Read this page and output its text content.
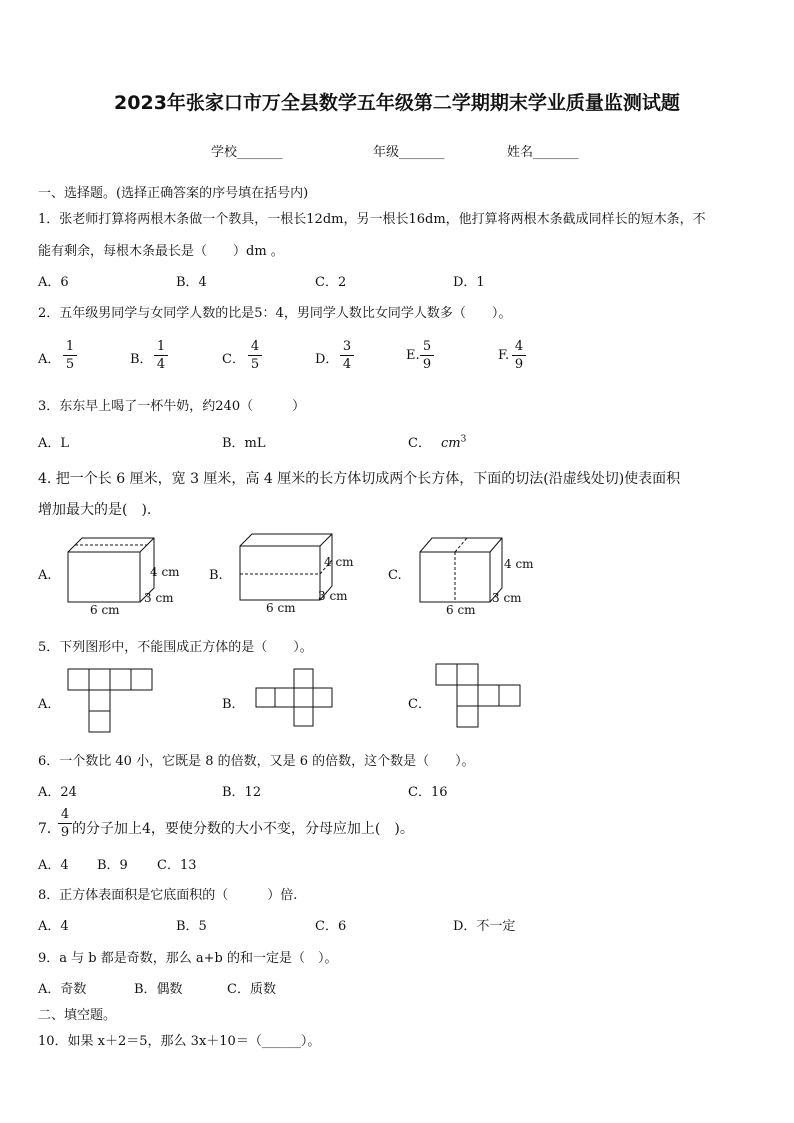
2023年张家口市万全县数学五年级第二学期期末学业质量监测试题
学校_______	年级_______	姓名_______
一、选择题。(选择正确答案的序号填在括号内)
1．张老师打算将两根木条做一个教具，一根长12dm，另一根长16dm，他打算将两根木条截成同样长的短木条，不
能有剩余，每根木条最长是（　　）dm 。
A．6	B．4	C．2	D．1
2．五年级男同学与女同学人数的比是5：4，男同学人数比女同学人数多（　　）。
A．
1
5	B．
1
4	C．
4
5	D．
3
4
E.
5
9
F.
4
9
3．东东早上喝了一杯牛奶，约240（　　　）
A．L	B．mL	C． $cm^3$
4. 把一个长 6 厘米，宽 3 厘米，高 4 厘米的长方体切成两个长方体，下面的切法(沿虚线处切)使表面积
增加最大的是(　).
A.	4 cm
3 cm
6 cm
B.
4 cm
3 cm
6 cm
C.
4 cm
3 cm
6 cm
5．下列图形中，不能围成正方体的是（　　）。
A．	B．	C．
6．一个数比 40 小，它既是 8 的倍数，又是 6 的倍数，这个数是（　　）。
A．24	B．12	C．16
7．
4
9 的分子加上4，要使分数的大小不变，分母应加上(　)。
A．4 B．9 C．13
8．正方体表面积是它底面积的（　　　）倍.
A．4	B．5	C．6	D．不一定
9．a 与 b 都是奇数，那么 a+b 的和一定是（　）。
A．奇数	B．偶数	C．质数
二、填空题。
10．如果 x＋2＝5，那么 3x＋10＝（______）。
